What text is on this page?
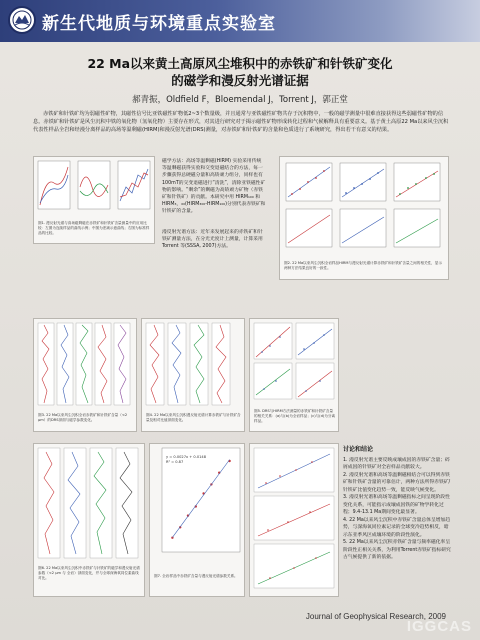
新生代地质与环境重点实验室
22 Ma以来黄土高原风尘堆积中的赤铁矿和针铁矿变化
的磁学和漫反射光谱证据
郝青振，Oldfield F，Bloemendal J，Torrent J，郭正堂
赤铁矿和针铁矿均为弱磁性矿物，其磁性信号比亚铁磁性矿物低2~3个数量级，并且通常与亚铁磁性矿物共存于沉积物中，一般的磁学测量中很难直接获得这些弱磁性矿物的信息。赤铁矿和针铁矿是风尘沉积中铁的氧化物（氢氧化物）主要存在形式，对其进行研究对于揭示磁性矿物形成转化过程和气候解释具有重要意义。基于黄土高原22 Ma以来风尘沉积代表性样品全岩和经漫分离样品的高场等温剩磁(HIRM)和漫反射光谱(DRS)测量，对赤铁矿和针铁矿的含量和色质进行了系统研究，得出若干有意义的结果。
图1. 漫反射光谱与高场磁剩磁在赤铁矿和针铁矿含量测量中的应用比较：左图为连续样品的曲线示例；中图为差减示意曲线；右图为标准样品的比较。
磁学方法：高场等温剩磁(HIRM) 实验采用传统等温剩磁获得实验和交变退磁结合的方法，每一步骤获得总硬磁分量和高矫顽力组分，同样也有100mT的交变退磁进行“清洗”，清除亚铁磁性矿物的影响。“剩余”的剩磁为高矫顽力矿物（赤铁矿和针铁矿）的贡献。本研究中用 HIRM₁₀₀ 和 HIRM₃，₀₀(HIRM₃₀₀-HIRM₁₀₀)分别代表赤铁矿和针铁矿的含量。
漫反射光谱方法：近年来发展起来的赤铁矿和针铁矿测量方法，在分光光度计上测量，计算采用Torrent 等(SSSA, 2007)方法。
图2. 22 Ma以来风尘沉积全岩样品HIRM与漫反射光谱计算赤铁矿和针铁矿含量之间的相关性，显示两种方法结果良好的一致性。
图3. 22 Ma以来风尘沉积全岩赤铁矿和针铁矿含量（<2 μm）的DRS剖面与磁学参数变化。
图4. 22 Ma以来风尘沉积漫反射光谱计算赤铁矿与针铁矿含量及相对比值剖面变化。
图5. DRS与HIRM方法测量的赤铁矿和针铁矿含量的相关关系：(a)与(b)为全岩样品；(c)与(d)为分离样品。
图6. 22 Ma以来风尘沉积中赤铁矿与针铁矿的磁学和漫反射光谱参数（<2 μm 与 全岩）剖面变化，并与全球深海氧同位素曲线对比。
y = 0.0027x + 0.0148
R² = 0.87
图7. 全岩样品中赤铁矿含量与漫反射光谱参数关系。
讨论和结论
1. 漫反射光谱主要反映成壤成因的赤铁矿含量；碎屑成因的针铁矿对全岩样品贡献较大。
2. 漫反射光谱和高场等温剩磁相结合可以得到赤铁矿和针铁矿含量的可靠估计，两种方法所得赤铁矿/针铁矿比值变化趋势一致，能反映气候变化。
3. 漫反射光谱和高场等温剩磁指标之间呈现阶段性变化关系，可能指示成壤成因铁的矿物学转化过程；9.4-13.1 Ma期间变化最显著。
4. 22 Ma以来风尘沉积中赤铁矿含量总体呈增加趋势，与深海氧同位素记录的全球变冷趋势相反，暗示东亚季风区成壤环境的阶段性演化。
5. 22 Ma以来风尘沉积赤铁矿含量与频率磁化率呈阶段性正相关关系，为利用Torrent赤铁矿指标研究古气候提供了新的依据。
Journal of Geophysical Research, 2009
IGGCAS
